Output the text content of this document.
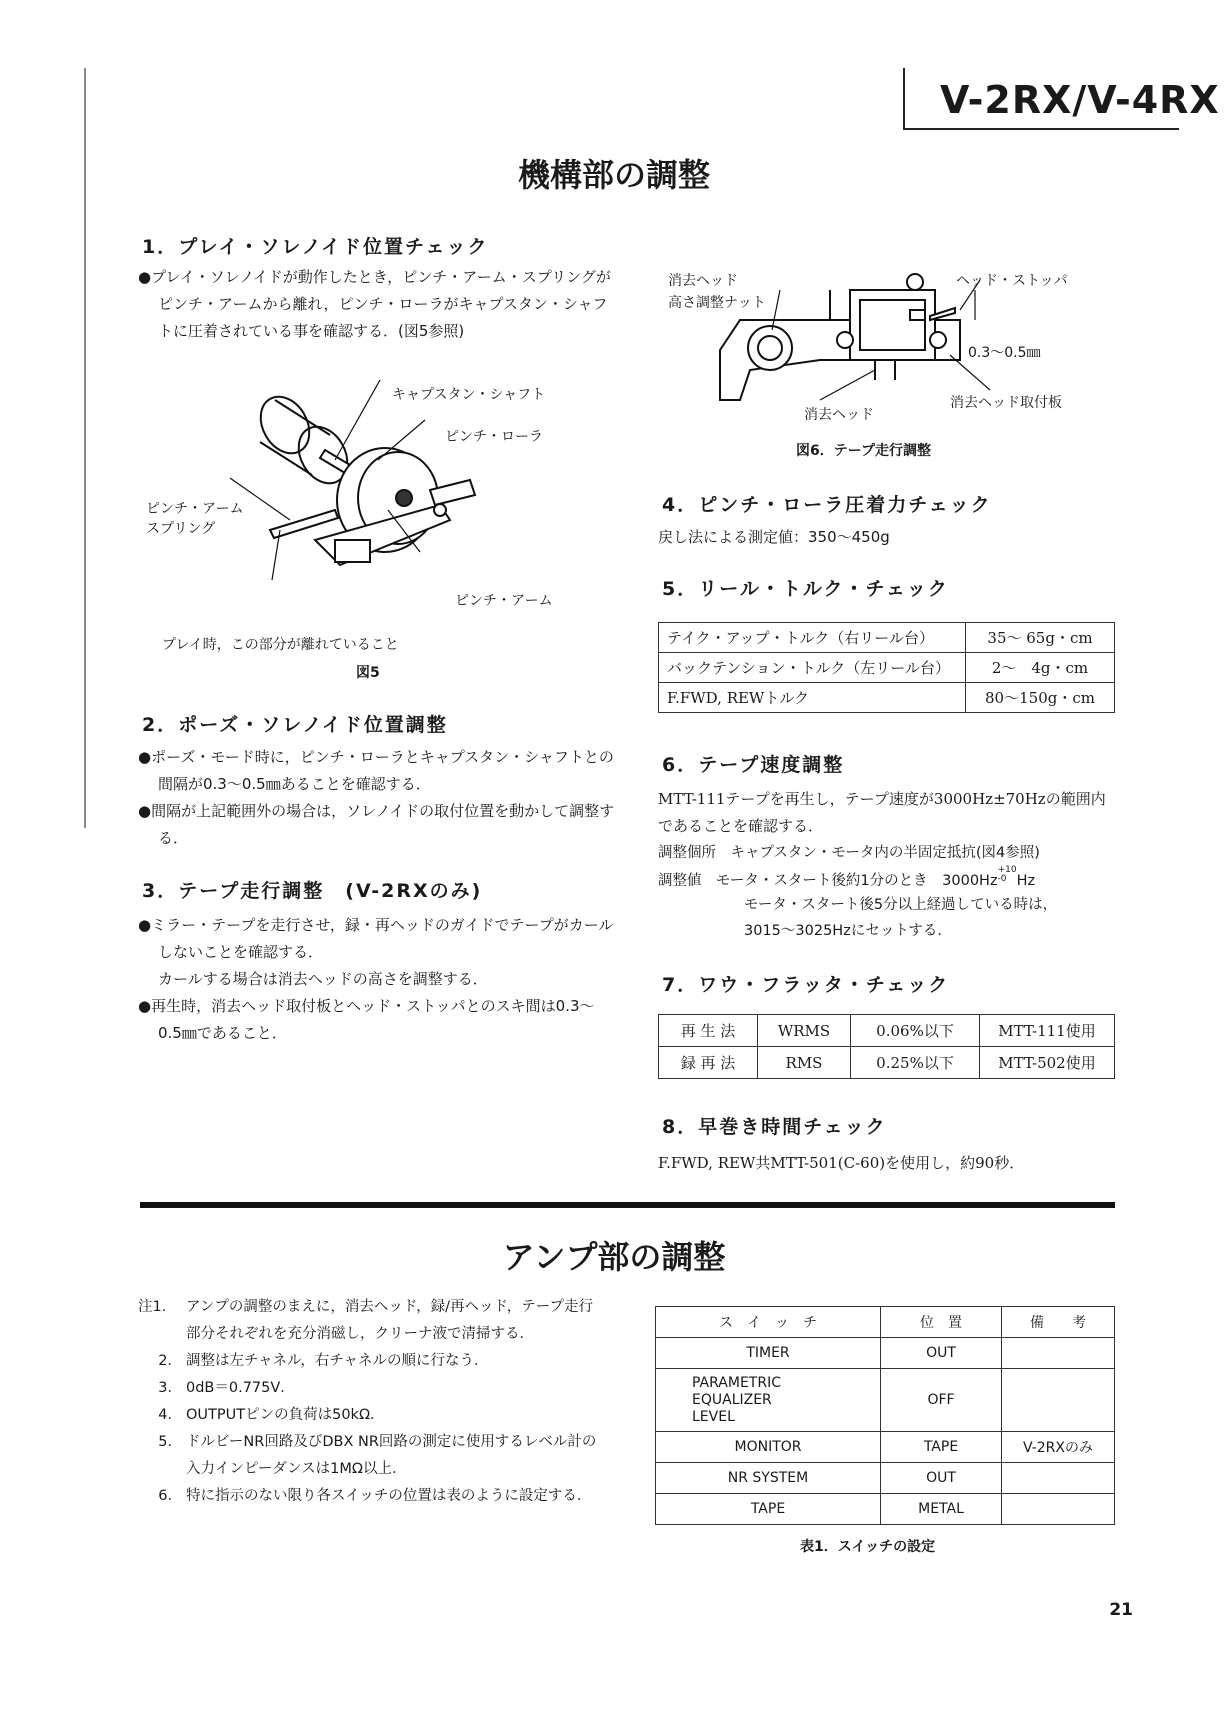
V-2RX/V-4RX
機構部の調整
1．プレイ・ソレノイド位置チェック
●プレイ・ソレノイドが動作したとき，ピンチ・アーム・スプリングがピンチ・アームから離れ，ピンチ・ローラがキャプスタン・シャフトに圧着されている事を確認する．(図5参照)
キャプスタン・シャフト
ピンチ・ローラ
ピンチ・アーム
スプリング
ピンチ・アーム
プレイ時，この部分が離れていること
図5
2．ポーズ・ソレノイド位置調整
●ポーズ・モード時に，ピンチ・ローラとキャプスタン・シャフトとの間隔が0.3〜0.5㎜あることを確認する．
●間隔が上記範囲外の場合は，ソレノイドの取付位置を動かして調整する．
3．テープ走行調整　(V-2RXのみ)
●ミラー・テープを走行させ，録・再ヘッドのガイドでテープがカールしないことを確認する．
カールする場合は消去ヘッドの高さを調整する．
●再生時，消去ヘッド取付板とヘッド・ストッパとのスキ間は0.3〜0.5㎜であること．
消去ヘッド
高さ調整ナット
ヘッド・ストッパ
0.3〜0.5㎜
消去ヘッド取付板
消去ヘッド
図6．テープ走行調整
4．ピンチ・ローラ圧着力チェック
戻し法による測定値：350〜450g
5．リール・トルク・チェック
テイク・アップ・トルク（右リール台）	35〜 65g・cm
バックテンション・トルク（左リール台）	2〜　4g・cm
F.FWD, REWトルク	80〜150g・cm
6．テープ速度調整
MTT-111テープを再生し，テープ速度が3000Hz±70Hzの範囲内であることを確認する．
調整個所　キャプスタン・モータ内の半固定抵抗(図4参照)
調整値　モータ・スタート後約1分のとき　3000Hz
+10
-0 Hz
モータ・スタート後5分以上経過している時は，
3015〜3025Hzにセットする．
7．ワウ・フラッタ・チェック
再 生 法	WRMS	0.06%以下	MTT-111使用
録 再 法	RMS	0.25%以下	MTT-502使用
8．早巻き時間チェック
F.FWD, REW共MTT-501(C-60)を使用し，約90秒．
アンプ部の調整
注1． アンプの調整のまえに，消去ヘッド，録/再ヘッド，テープ走行部分それぞれを充分消磁し，クリーナ液で清掃する．
2． 調整は左チャネル，右チャネルの順に行なう．
3． 0dB＝0.775V．
4． OUTPUTピンの負荷は50kΩ．
5． ドルビーNR回路及びDBX NR回路の測定に使用するレベル計の入力インピーダンスは1MΩ以上．
6． 特に指示のない限り各スイッチの位置は表のように設定する．
ス　イ　ッ　チ	位　置	備　　考
TIMER	OUT	
PARAMETRIC
EQUALIZER
LEVEL	OFF	
MONITOR	TAPE	V-2RXのみ
NR SYSTEM	OUT	
TAPE	METAL	
表1．スイッチの設定
21
